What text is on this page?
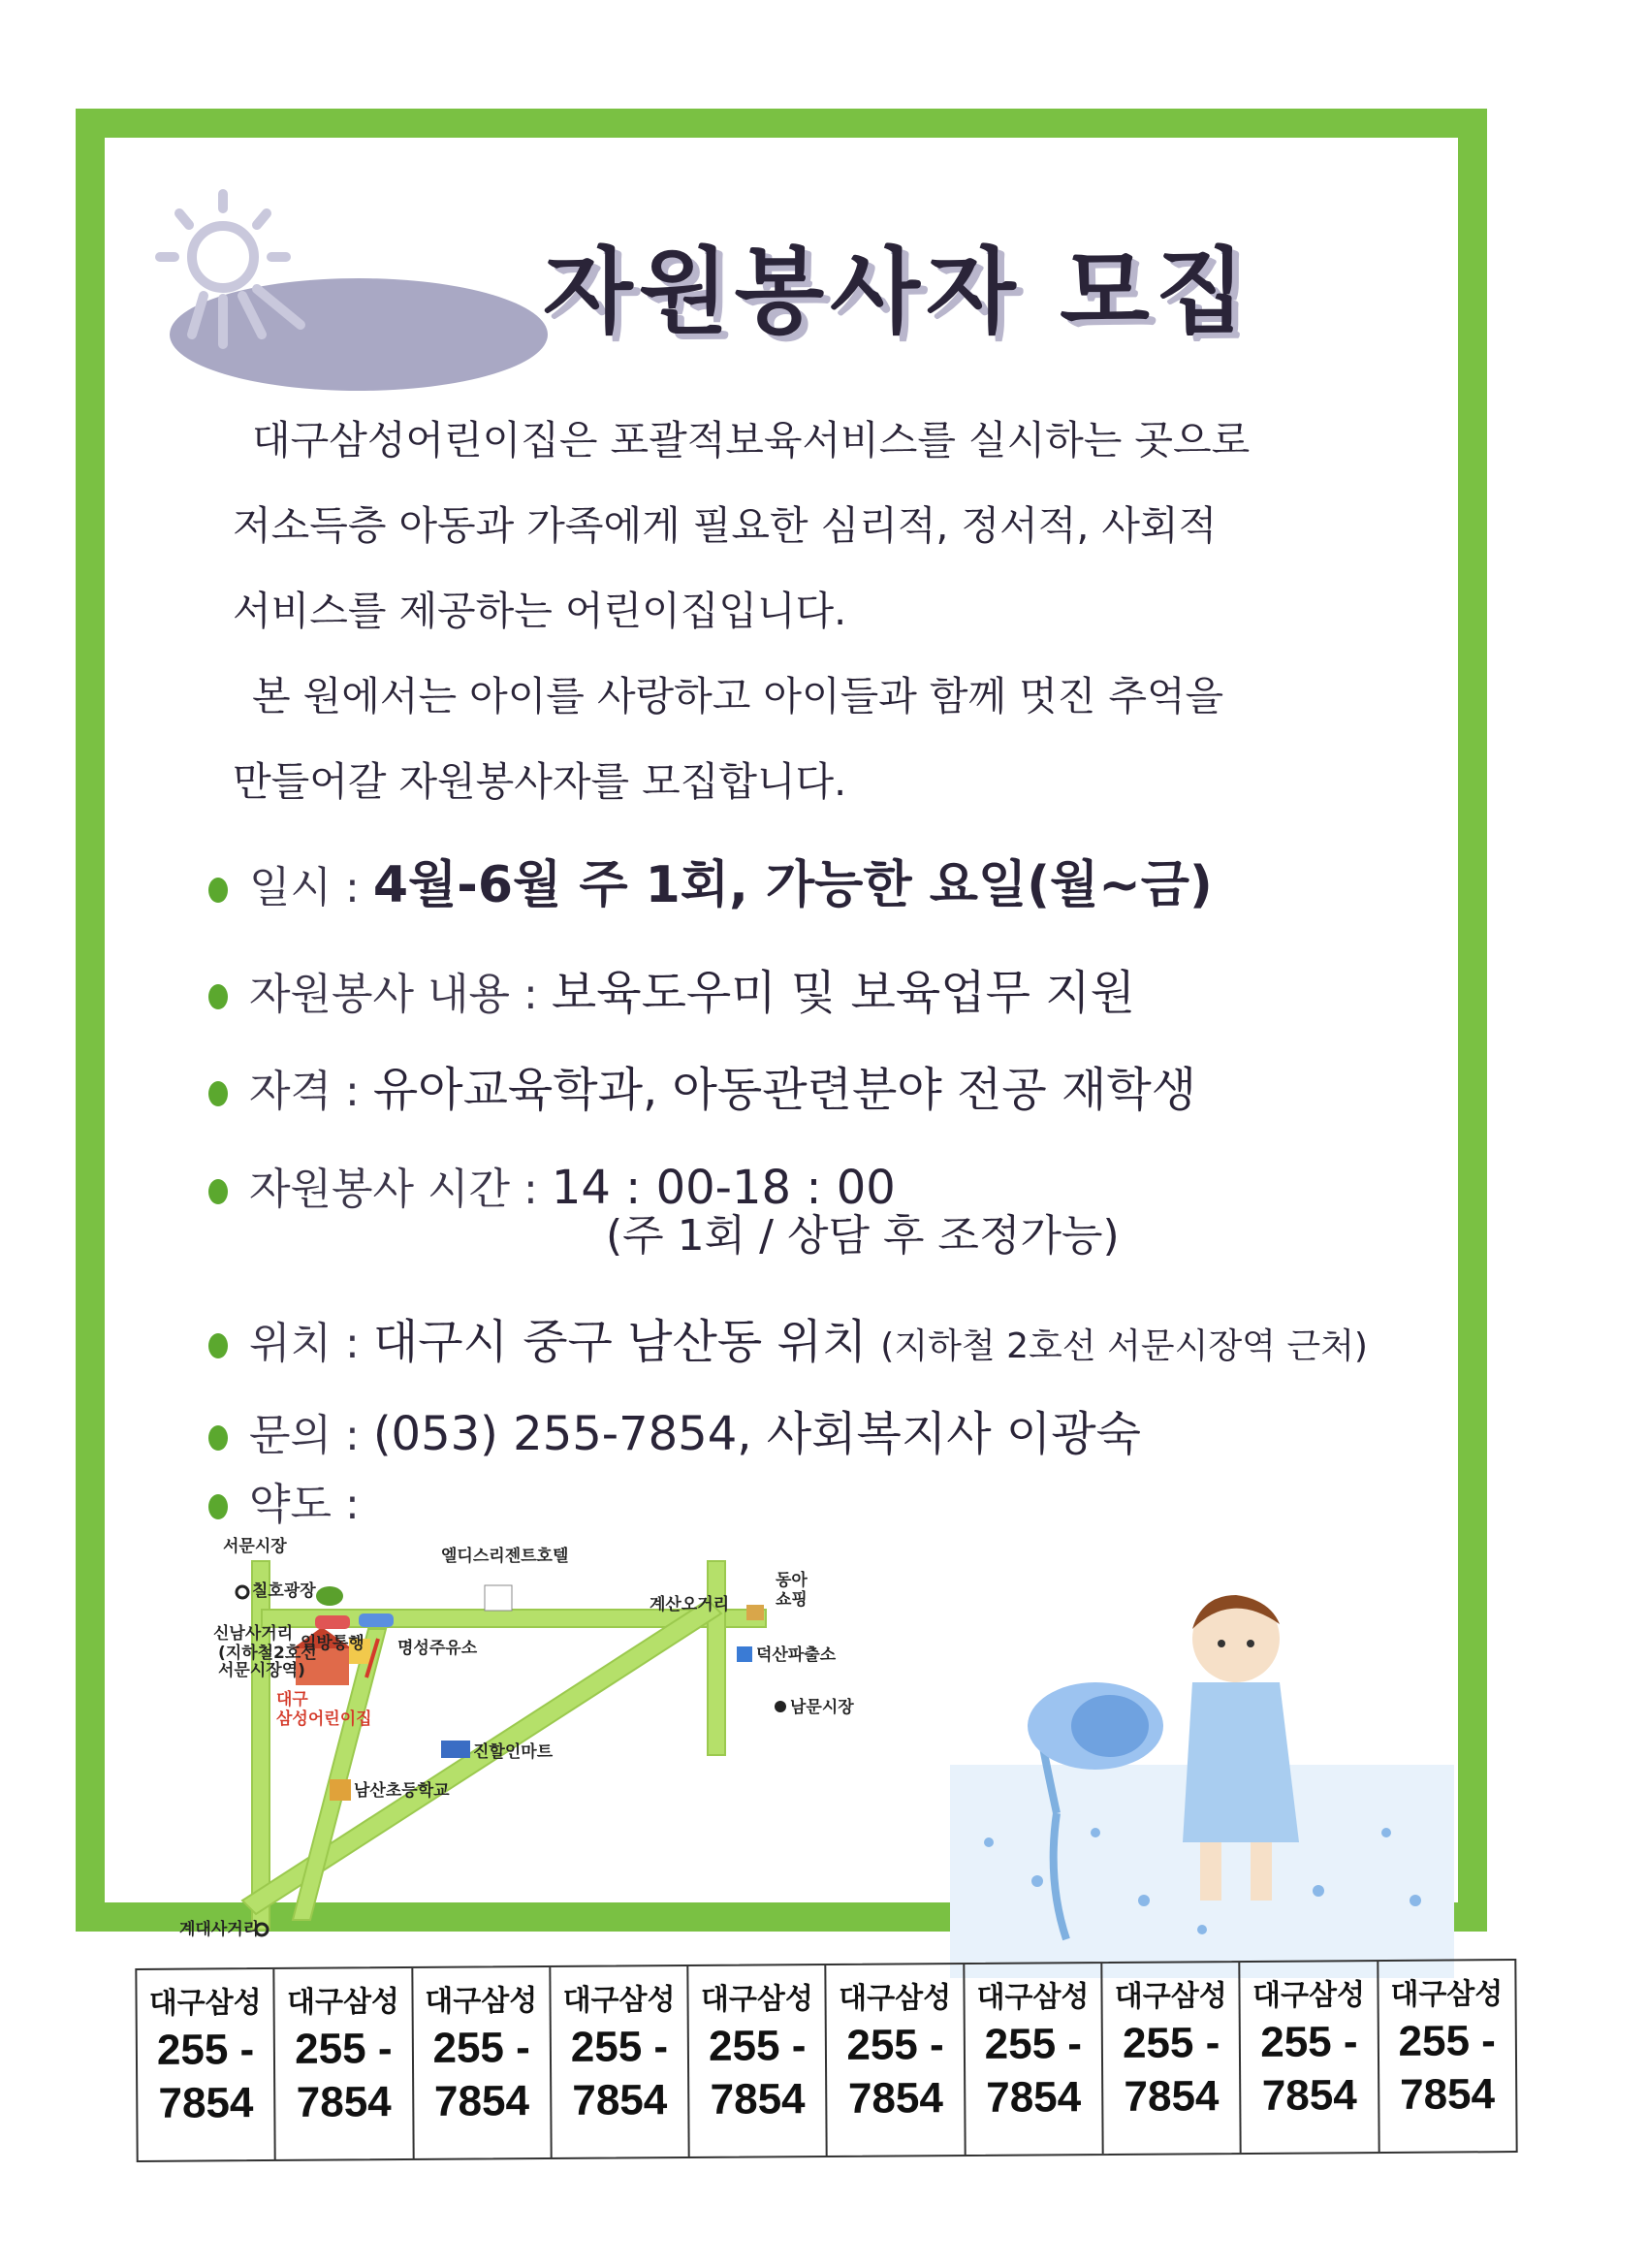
자원봉사자 모집

대구삼성어린이집은 포괄적보육서비스를 실시하는 곳으로

저소득층 아동과 가족에게 필요한 심리적, 정서적, 사회적

서비스를 제공하는 어린이집입니다.

본 원에서는 아이를 사랑하고 아이들과 함께 멋진 추억을

만들어갈 자원봉사자를 모집합니다.

일시 : 4월-6월 주 1회, 가능한 요일(월~금)
자원봉사 내용 : 보육도우미 및 보육업무 지원
자격 : 유아교육학과, 아동관련분야 전공 재학생
자원봉사 시간 : 14 : 00-18 : 00
(주 1회 / 상담 후 조정가능)
위치 : 대구시 중구 남산동 위치 (지하철 2호선 서문시장역 근처)
문의 : (053) 255-7854, 사회복지사 이광숙
약도 :
서문시장
칠호광장
신남사거리
(지하철2호선
서문시장역)
일방통행
엘디스리젠트호텔
계산오거리
동아
쇼핑
명성주유소	덕산파출소
남문시장
대구
삼성어린이집
진할인마트
남산초등학교
계대사거리
대구삼성
255 -
7854
대구삼성
255 -
7854
대구삼성
255 -
7854
대구삼성
255 -
7854
대구삼성
255 -
7854
대구삼성
255 -
7854
대구삼성
255 -
7854
대구삼성
255 -
7854
대구삼성
255 -
7854
대구삼성
255 -
7854
